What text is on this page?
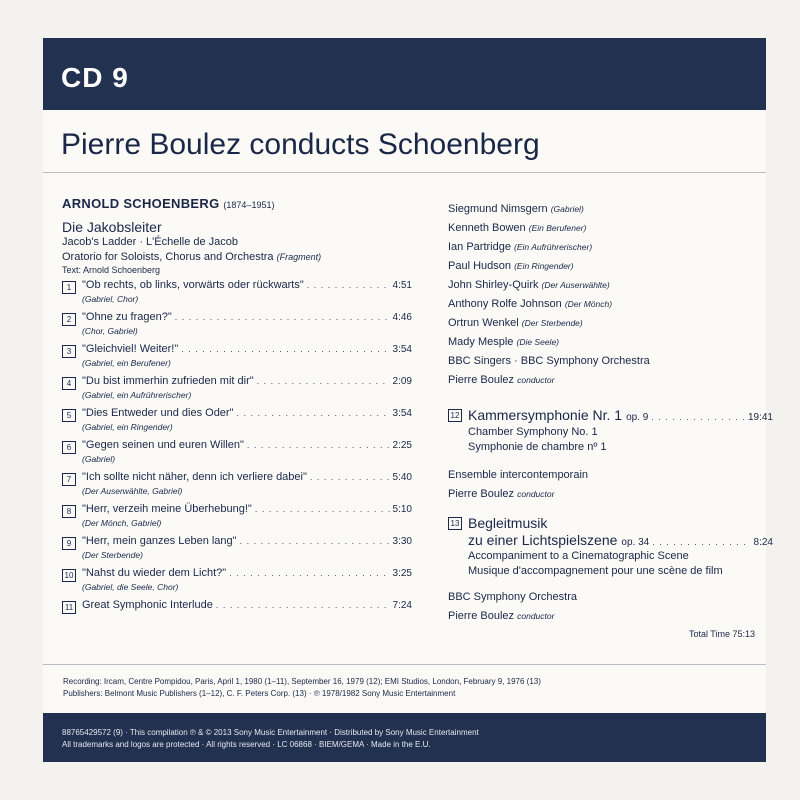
CD 9
Pierre Boulez conducts Schoenberg
ARNOLD SCHOENBERG (1874–1951)
Die Jakobsleiter
Jacob's Ladder · L'Échelle de Jacob
Oratorio for Soloists, Chorus and Orchestra (Fragment)
Text: Arnold Schoenberg
1 "Ob rechts, ob links, vorwärts oder rückwarts" . . .	4:51
(Gabriel, Chor)
2 "Ohne zu fragen?" . . .	4:46
(Chor, Gabriel)
3 "Gleichviel! Weiter!" . . .	3:54
(Gabriel, ein Berufener)
4 "Du bist immerhin zufrieden mit dir" . . .	2:09
(Gabriel, ein Aufrührerischer)
5 "Dies Entweder und dies Oder" . . .	3:54
(Gabriel, ein Ringender)
6 "Gegen seinen und euren Willen" . . .	2:25
(Gabriel)
7 "Ich sollte nicht näher, denn ich verliere dabei" . . .	5:40
(Der Auserwählte, Gabriel)
8 "Herr, verzeih meine Überhebung!" . . .	5:10
(Der Mönch, Gabriel)
9 "Herr, mein ganzes Leben lang" . . .	3:30
(Der Sterbende)
10 "Nahst du wieder dem Licht?" . . .	3:25
(Gabriel, die Seele, Chor)
11 Great Symphonic Interlude . . .	7:24
Siegmund Nimsgern (Gabriel)
Kenneth Bowen (Ein Berufener)
Ian Partridge (Ein Aufrührerischer)
Paul Hudson (Ein Ringender)
John Shirley-Quirk (Der Auserwählte)
Anthony Rolfe Johnson (Der Mönch)
Ortrun Wenkel (Der Sterbende)
Mady Mesple (Die Seele)
BBC Singers · BBC Symphony Orchestra
Pierre Boulez conductor
12 Kammersymphonie Nr. 1 op. 9 . . .	19:41
Chamber Symphony No. 1
Symphonie de chambre nº 1
Ensemble intercontemporain
Pierre Boulez conductor
13 Begleitmusik
zu einer Lichtspielszene op. 34 . . .	8:24
Accompaniment to a Cinematographic Scene
Musique d'accompagnement pour une scène de film
BBC Symphony Orchestra
Pierre Boulez conductor
Total Time 75:13
Recording: Ircam, Centre Pompidou, Paris, April 1, 1980 (1–11), September 16, 1979 (12); EMI Studios, London, February 9, 1976 (13)
Publishers: Belmont Music Publishers (1–12), C. F. Peters Corp. (13) · ℗ 1978/1982 Sony Music Entertainment
88765429572 (9) · This compilation ℗ & © 2013 Sony Music Entertainment · Distributed by Sony Music Entertainment
All trademarks and logos are protected · All rights reserved · LC 06868 · BIEM/GEMA · Made in the E.U.
